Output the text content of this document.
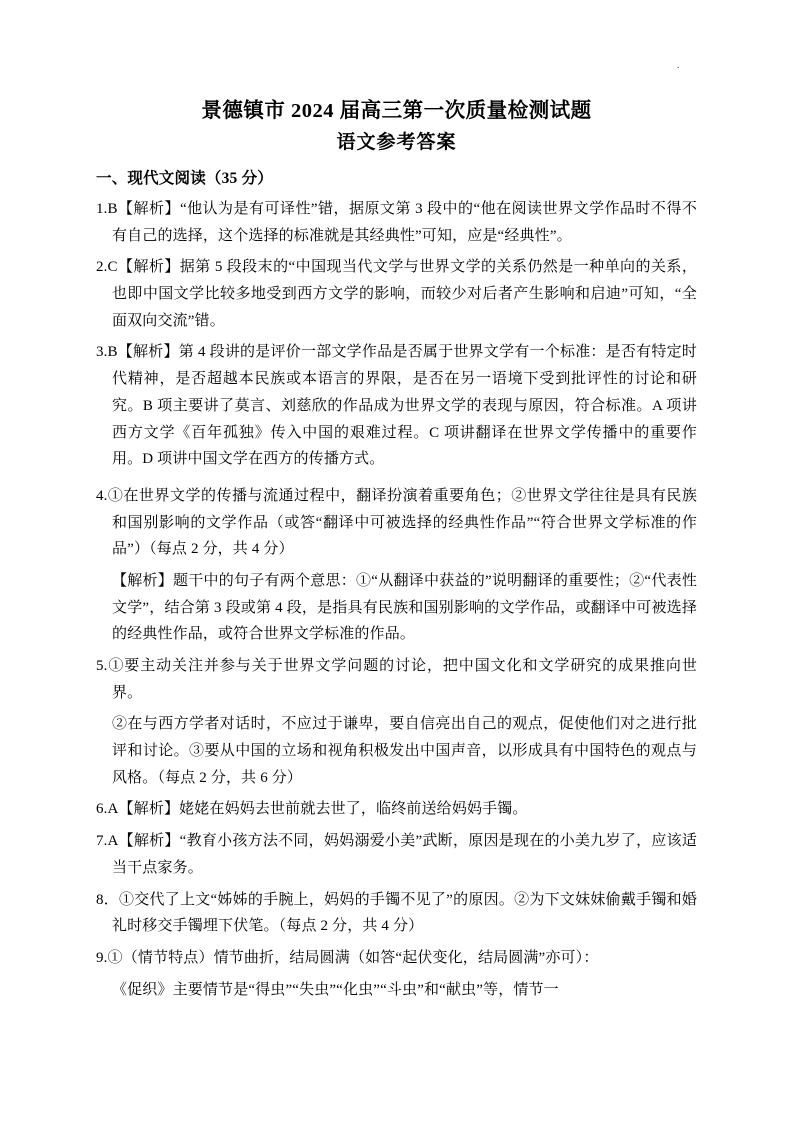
·
景德镇市 2024 届高三第一次质量检测试题
语文参考答案
一、现代文阅读（35 分）

1.B【解析】“他认为是有可译性”错，据原文第 3 段中的“他在阅读世界文学作品时不得不有自己的选择，这个选择的标准就是其经典性”可知，应是“经典性”。

2.C【解析】据第 5 段段末的“中国现当代文学与世界文学的关系仍然是一种单向的关系，也即中国文学比较多地受到西方文学的影响，而较少对后者产生影响和启迪”可知，“全面双向交流”错。

3.B【解析】第 4 段讲的是评价一部文学作品是否属于世界文学有一个标准：是否有特定时代精神，是否超越本民族或本语言的界限，是否在另一语境下受到批评性的讨论和研究。B 项主要讲了莫言、刘慈欣的作品成为世界文学的表现与原因，符合标准。A 项讲西方文学《百年孤独》传入中国的艰难过程。C 项讲翻译在世界文学传播中的重要作用。D 项讲中国文学在西方的传播方式。

4.①在世界文学的传播与流通过程中，翻译扮演着重要角色；②世界文学往往是具有民族和国别影响的文学作品（或答“翻译中可被选择的经典性作品”“符合世界文学标准的作品”）（每点 2 分，共 4 分）

【解析】题干中的句子有两个意思：①“从翻译中获益的”说明翻译的重要性；②“代表性文学”，结合第 3 段或第 4 段，是指具有民族和国别影响的文学作品，或翻译中可被选择的经典性作品，或符合世界文学标准的作品。

5.①要主动关注并参与关于世界文学问题的讨论，把中国文化和文学研究的成果推向世界。

②在与西方学者对话时，不应过于谦卑，要自信亮出自己的观点，促使他们对之进行批评和讨论。③要从中国的立场和视角积极发出中国声音，以形成具有中国特色的观点与风格。（每点 2 分，共 6 分）

6.A【解析】姥姥在妈妈去世前就去世了，临终前送给妈妈手镯。

7.A【解析】“教育小孩方法不同，妈妈溺爱小美”武断，原因是现在的小美九岁了，应该适当干点家务。

8．①交代了上文“姊姊的手腕上，妈妈的手镯不见了”的原因。②为下文妹妹偷戴手镯和婚礼时移交手镯埋下伏笔。（每点 2 分，共 4 分）

9.①（情节特点）情节曲折，结局圆满（如答“起伏变化，结局圆满”亦可）：

《促织》主要情节是“得虫”“失虫”“化虫”“斗虫”和“献虫”等，情节一
